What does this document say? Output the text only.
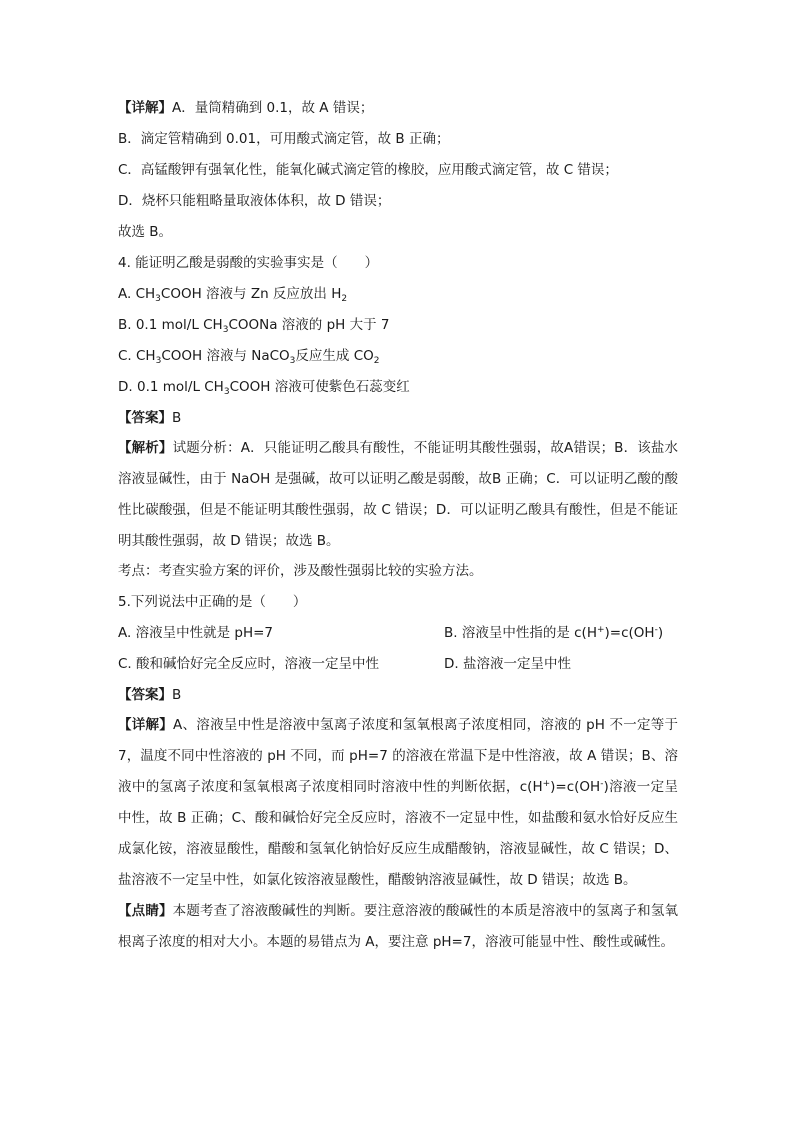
【详解】A．量筒精确到 0.1，故 A 错误；

B．滴定管精确到 0.01，可用酸式滴定管，故 B 正确；

C．高锰酸钾有强氧化性，能氧化碱式滴定管的橡胶，应用酸式滴定管，故 C 错误；

D．烧杯只能粗略量取液体体积，故 D 错误；

故选 B。

4. 能证明乙酸是弱酸的实验事实是（　　）

A. $CH_3COOH$ 溶液与 Zn 反应放出 $H_2$

B. 0.1 mol/L $CH_3COONa$ 溶液的 pH 大于 7

C. $CH_3COOH$ 溶液与 NaCO$_3$反应生成 $CO_2$

D. 0.1 mol/L $CH_3COOH$ 溶液可使紫色石蕊变红

【答案】B

【解析】试题分析：A．只能证明乙酸具有酸性，不能证明其酸性强弱，故A错误；B．该盐水溶液显碱性，由于 NaOH 是强碱，故可以证明乙酸是弱酸，故B 正确；C．可以证明乙酸的酸性比碳酸强，但是不能证明其酸性强弱，故 C 错误；D．可以证明乙酸具有酸性，但是不能证明其酸性强弱，故 D 错误；故选 B。

考点：考查实验方案的评价，涉及酸性强弱比较的实验方法。

5.下列说法中正确的是（　　）

A. 溶液呈中性就是 pH=7	B. 溶液呈中性指的是 c(H+)=c(OH-)
C. 酸和碱恰好完全反应时，溶液一定呈中性	D. 盐溶液一定呈中性

【答案】B

【详解】A、溶液呈中性是溶液中氢离子浓度和氢氧根离子浓度相同，溶液的 pH 不一定等于 7，温度不同中性溶液的 pH 不同，而 pH=7 的溶液在常温下是中性溶液，故 A 错误；B、溶液中的氢离子浓度和氢氧根离子浓度相同时溶液中性的判断依据，c(H+)=c(OH-)溶液一定呈中性，故 B 正确；C、酸和碱恰好完全反应时，溶液不一定显中性，如盐酸和氨水恰好反应生成氯化铵，溶液显酸性，醋酸和氢氧化钠恰好反应生成醋酸钠，溶液显碱性，故 C 错误；D、盐溶液不一定呈中性，如氯化铵溶液显酸性，醋酸钠溶液显碱性，故 D 错误；故选 B。

【点睛】本题考查了溶液酸碱性的判断。要注意溶液的酸碱性的本质是溶液中的氢离子和氢氧根离子浓度的相对大小。本题的易错点为 A，要注意 pH=7，溶液可能显中性、酸性或碱性。
